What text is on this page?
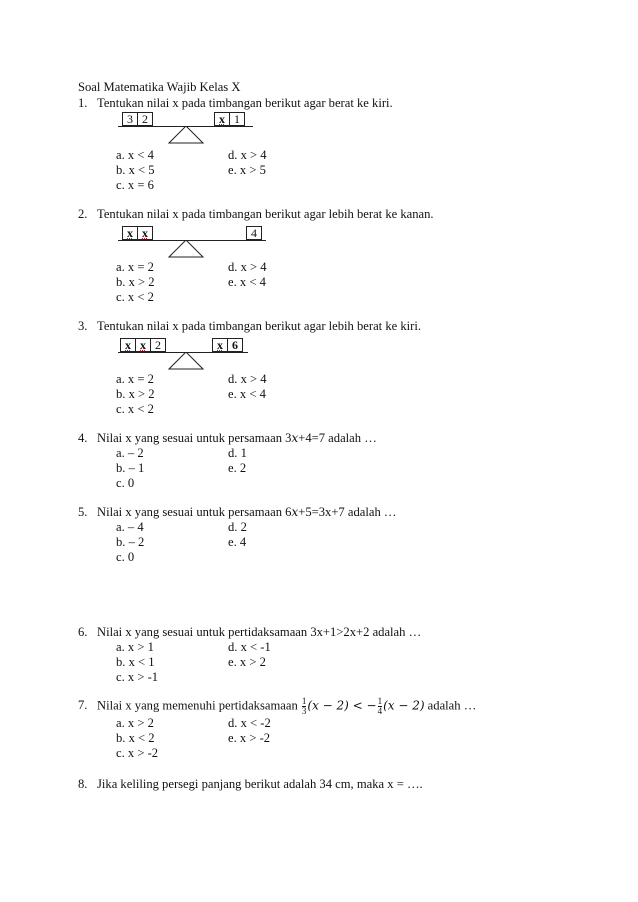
Soal Matematika Wajib Kelas X
1. Tentukan nilai x pada timbangan berikut agar berat ke kiri.
3 2	x 1
a. x < 4	d. x > 4
b. x < 5	e. x > 5
c. x = 6
2. Tentukan nilai x pada timbangan berikut agar lebih berat ke kanan.
x x	4
a. x = 2	d. x > 4
b. x > 2	e. x < 4
c. x < 2
3. Tentukan nilai x pada timbangan berikut agar lebih berat ke kiri.
x x 2	x 6
a. x = 2	d. x > 4
b. x > 2	e. x < 4
c. x < 2
4. Nilai x yang sesuai untuk persamaan 3x+4=7 adalah …
a. – 2	d. 1
b. – 1	e. 2
c. 0
5. Nilai x yang sesuai untuk persamaan 6x+5=3x+7 adalah …
a. – 4	d. 2
b. – 2	e. 4
c. 0
6. Nilai x yang sesuai untuk pertidaksamaan 3x+1>2x+2 adalah …
a. x > 1	d. x < -1
b. x < 1	e. x > 2
c. x > -1
7. Nilai x yang memenuhi pertidaksamaan $\frac{1}{3} (x - 2)$ < − $\frac{1}{4} (x - 2)$ adalah …
a. x > 2	d. x < -2
b. x < 2	e. x > -2
c. x > -2
8. Jika keliling persegi panjang berikut adalah 34 cm, maka x = ….
